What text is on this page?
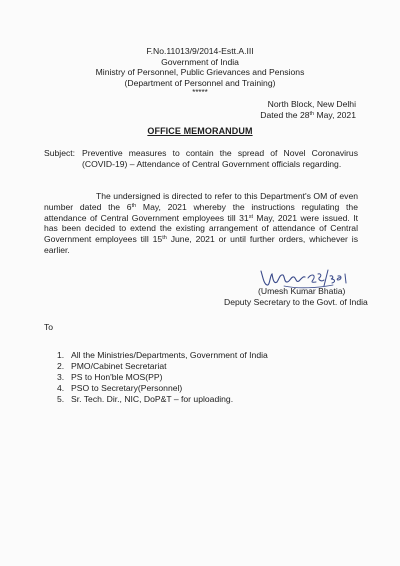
F.No.11013/9/2014-Estt.A.III
Government of India
Ministry of Personnel, Public Grievances and Pensions
(Department of Personnel and Training)
*****
North Block, New Delhi
Dated the 28th May, 2021
OFFICE MEMORANDUM
Subject: Preventive measures to contain the spread of Novel Coronavirus (COVID-19) – Attendance of Central Government officials regarding.
The undersigned is directed to refer to this Department's OM of even number dated the 6th May, 2021 whereby the instructions regulating the attendance of Central Government employees till 31st May, 2021 were issued. It has been decided to extend the existing arrangement of attendance of Central Government employees till 15th June, 2021 or until further orders, whichever is earlier.
(Umesh Kumar Bhatia)
Deputy Secretary to the Govt. of India
To
1. All the Ministries/Departments, Government of India
2. PMO/Cabinet Secretariat
3. PS to Hon'ble MOS(PP)
4. PSO to Secretary(Personnel)
5. Sr. Tech. Dir., NIC, DoP&T – for uploading.
